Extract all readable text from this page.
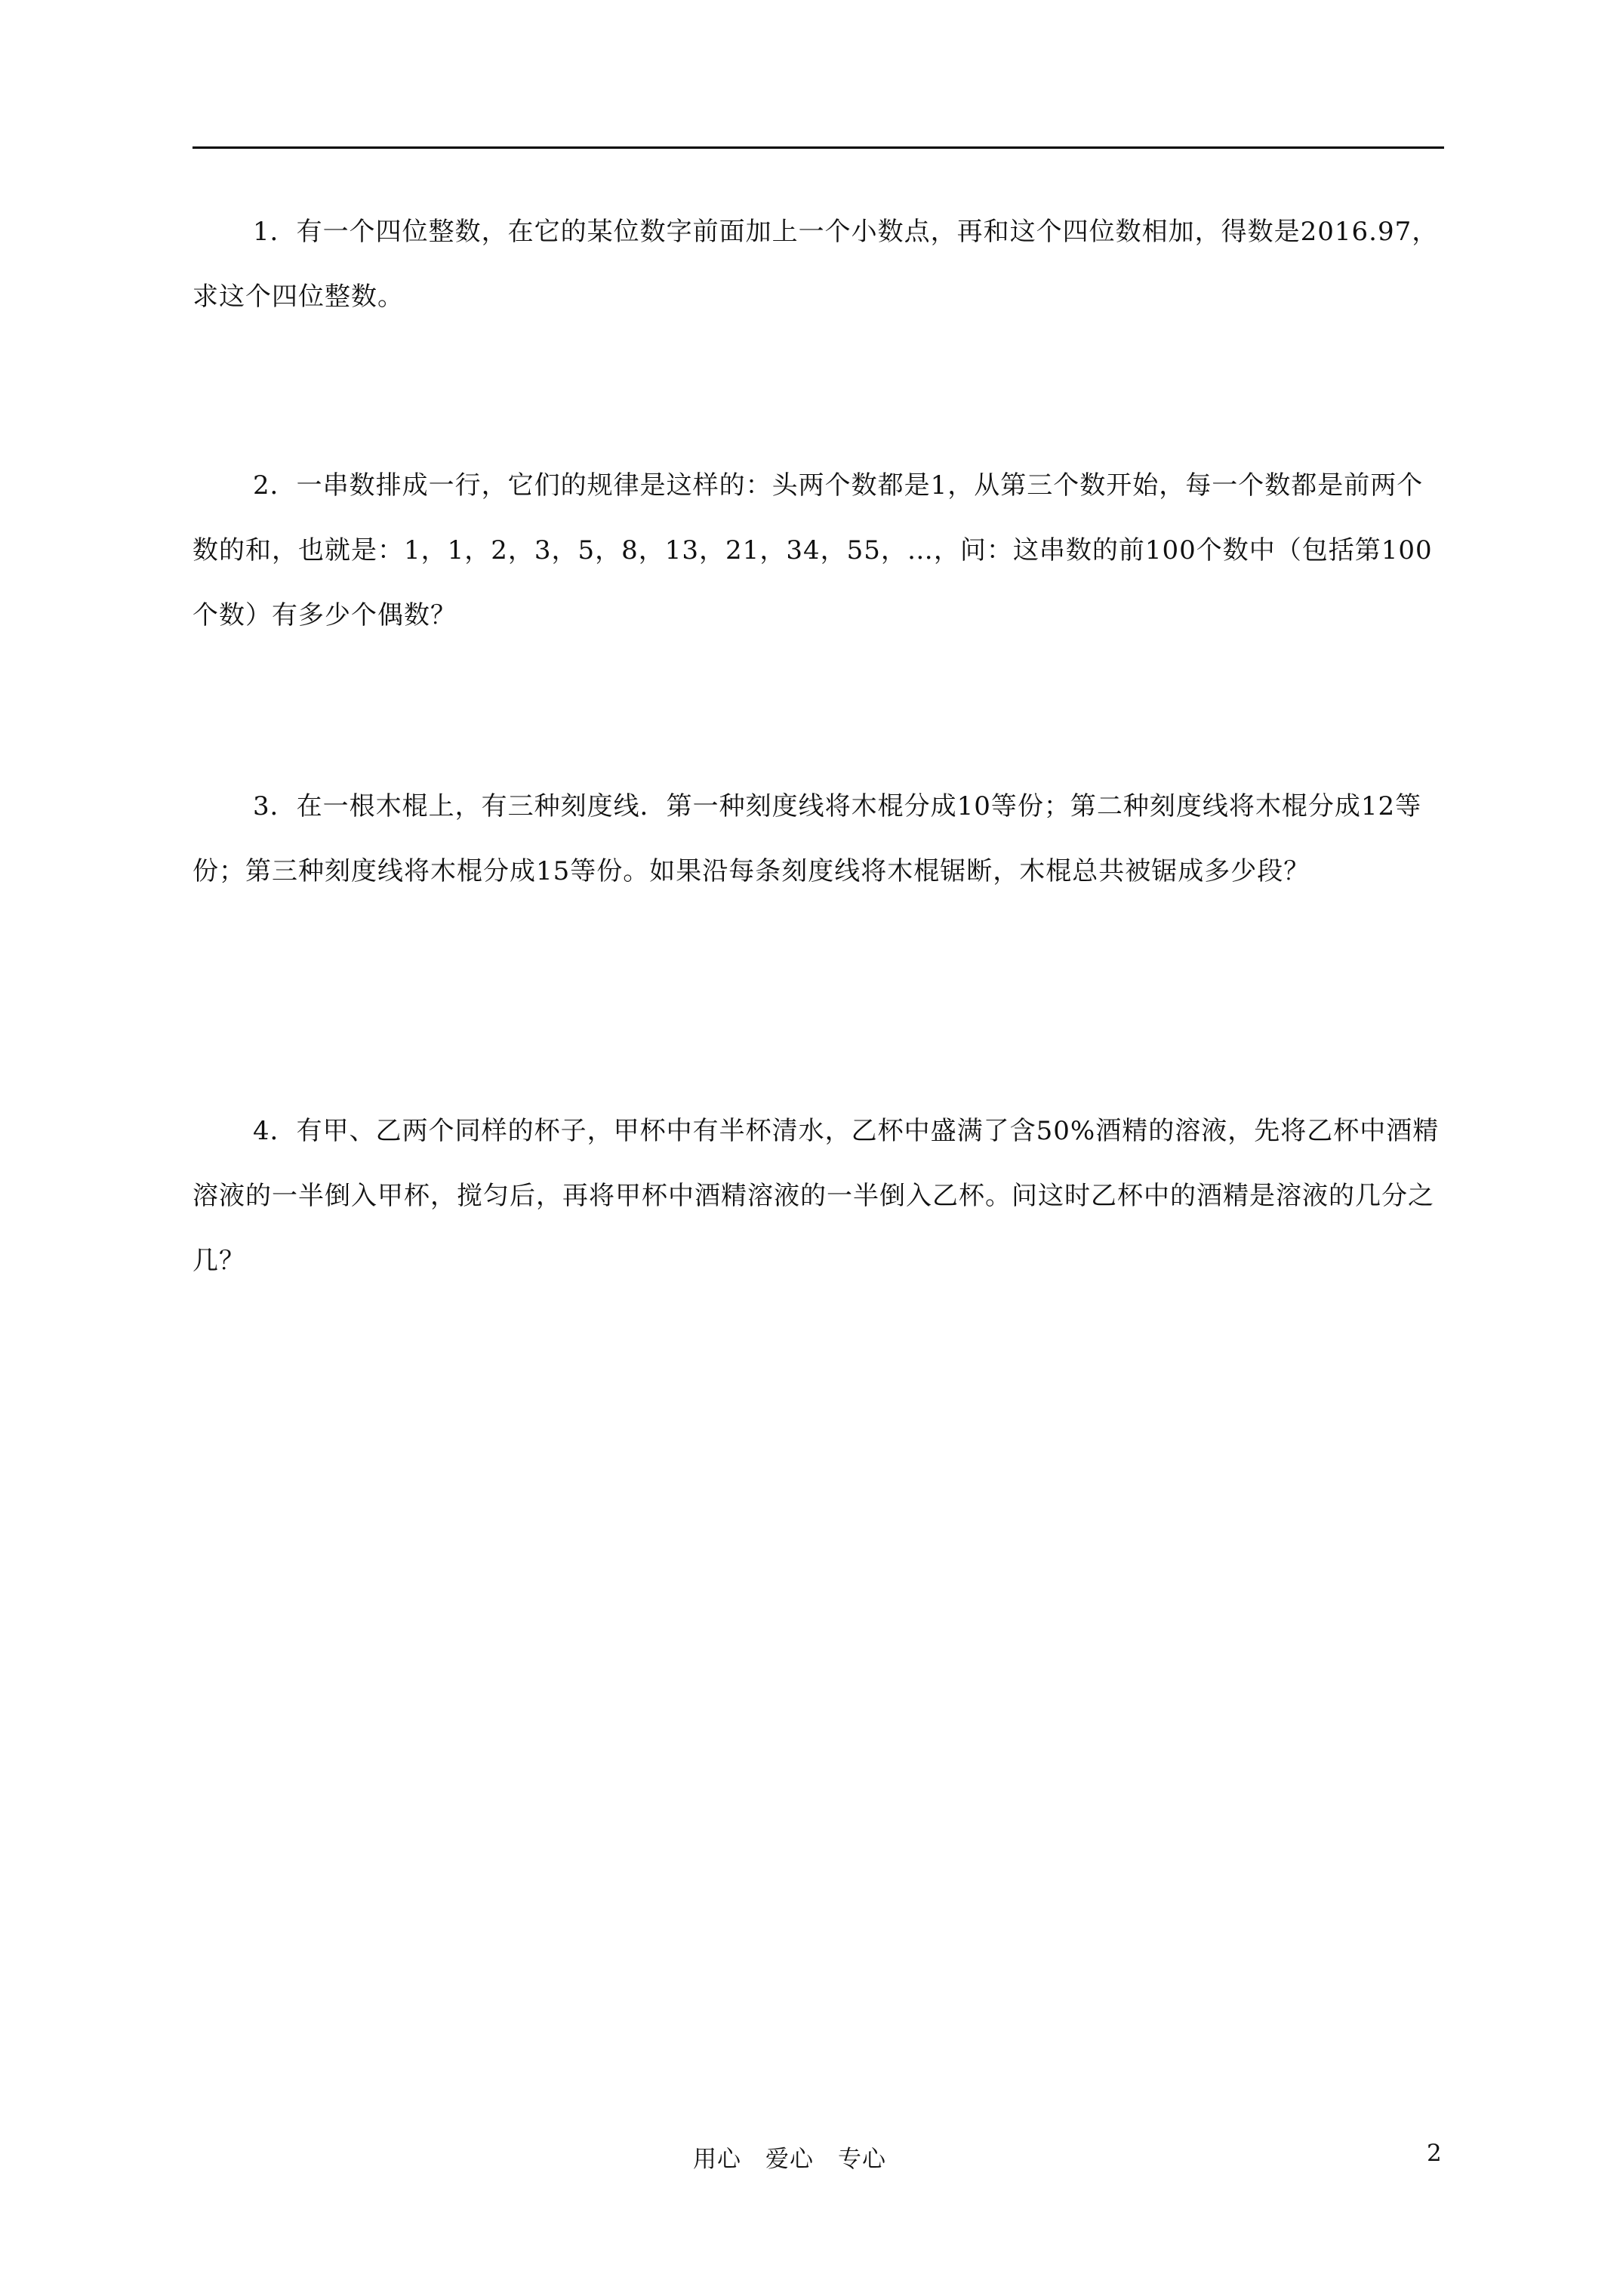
1．有一个四位整数，在它的某位数字前面加上一个小数点，再和这个四位数相加，得数是2016.97，求这个四位整数。
2．一串数排成一行，它们的规律是这样的：头两个数都是1，从第三个数开始，每一个数都是前两个数的和，也就是：1，1，2，3，5，8，13，21，34，55，…，问：这串数的前100个数中（包括第100个数）有多少个偶数？
3．在一根木棍上，有三种刻度线．第一种刻度线将木棍分成10等份；第二种刻度线将木棍分成12等份；第三种刻度线将木棍分成15等份。如果沿每条刻度线将木棍锯断，木棍总共被锯成多少段？
4．有甲、乙两个同样的杯子，甲杯中有半杯清水，乙杯中盛满了含50%酒精的溶液，先将乙杯中酒精溶液的一半倒入甲杯，搅匀后，再将甲杯中酒精溶液的一半倒入乙杯。问这时乙杯中的酒精是溶液的几分之几？
用心　爱心　专心	2
